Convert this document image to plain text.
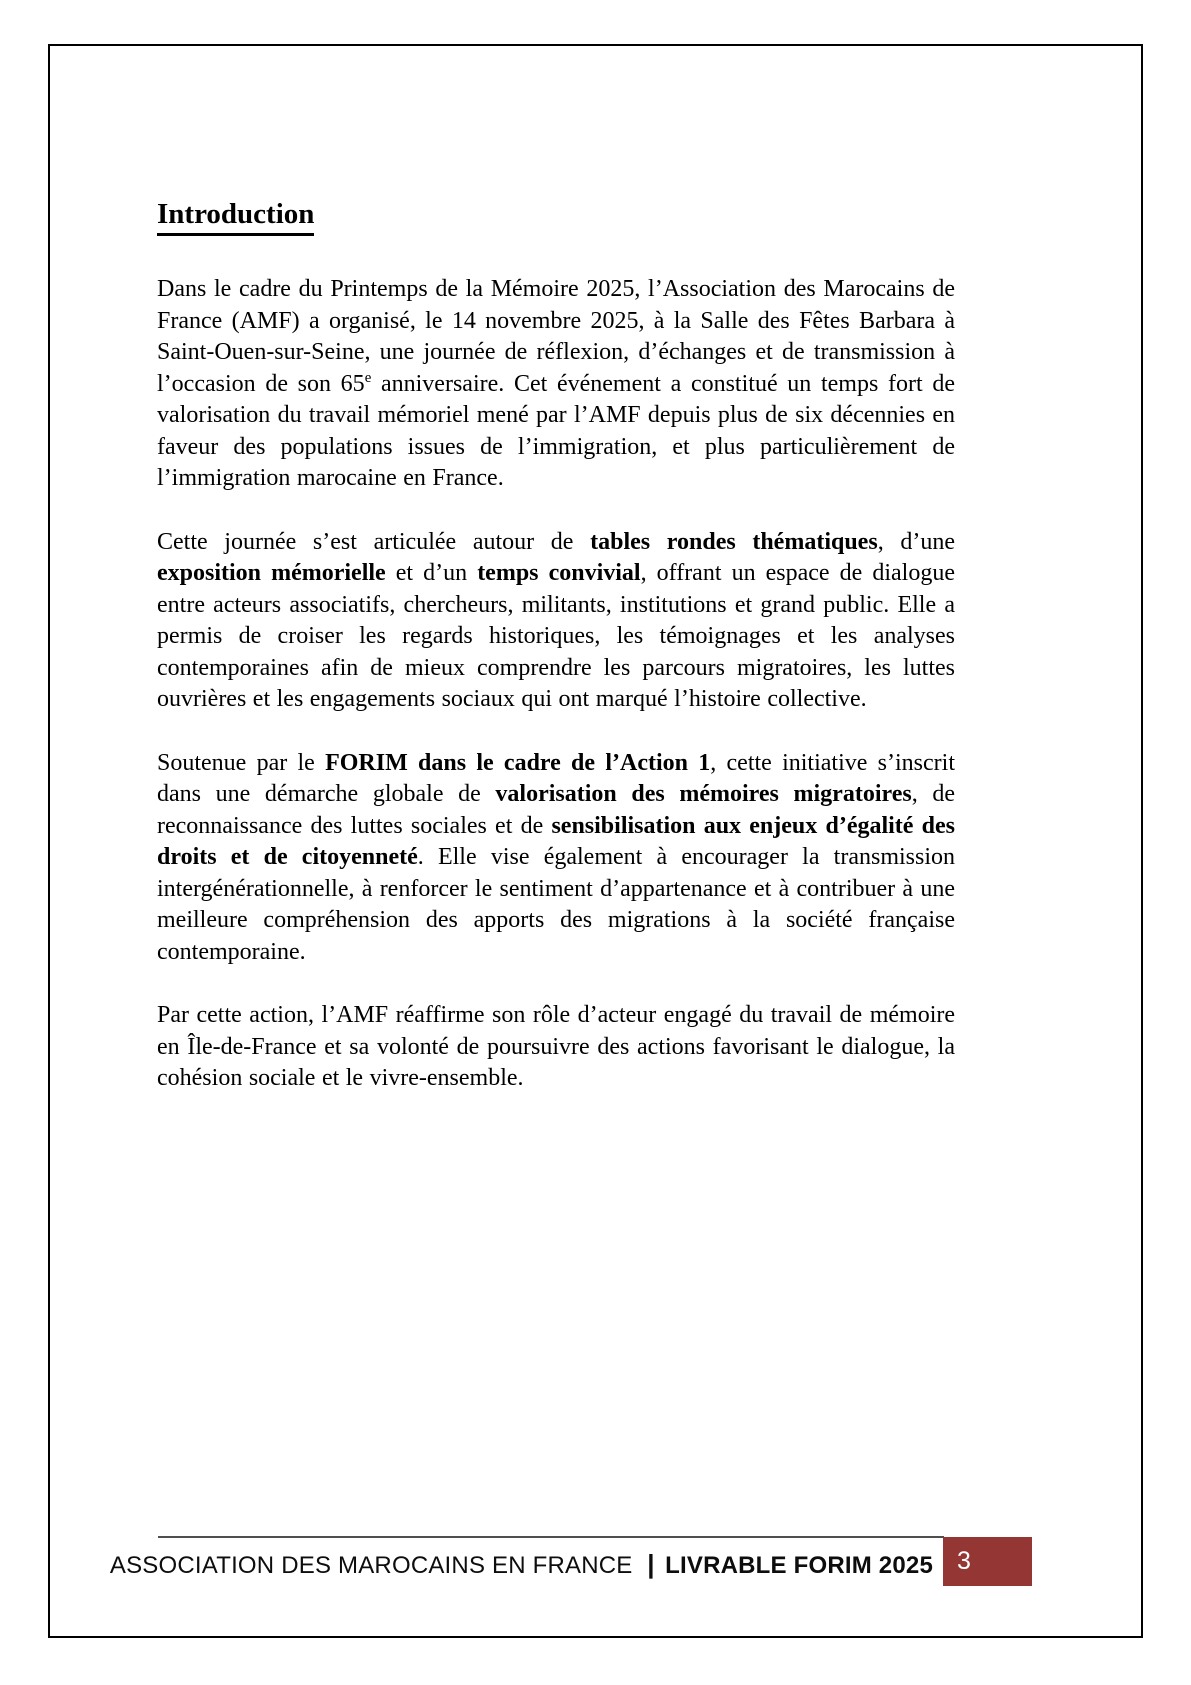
Introduction

Dans le cadre du Printemps de la Mémoire 2025, l’Association des Marocains de France (AMF) a organisé, le 14 novembre 2025, à la Salle des Fêtes Barbara à Saint-Ouen-sur-Seine, une journée de réflexion, d’échanges et de transmission à l’occasion de son 65e anniversaire. Cet événement a constitué un temps fort de valorisation du travail mémoriel mené par l’AMF depuis plus de six décennies en faveur des populations issues de l’immigration, et plus particulièrement de l’immigration marocaine en France.

Cette journée s’est articulée autour de tables rondes thématiques, d’une exposition mémorielle et d’un temps convivial, offrant un espace de dialogue entre acteurs associatifs, chercheurs, militants, institutions et grand public. Elle a permis de croiser les regards historiques, les témoignages et les analyses contemporaines afin de mieux comprendre les parcours migratoires, les luttes ouvrières et les engagements sociaux qui ont marqué l’histoire collective.

Soutenue par le FORIM dans le cadre de l’Action 1, cette initiative s’inscrit dans une démarche globale de valorisation des mémoires migratoires, de reconnaissance des luttes sociales et de sensibilisation aux enjeux d’égalité des droits et de citoyenneté. Elle vise également à encourager la transmission intergénérationnelle, à renforcer le sentiment d’appartenance et à contribuer à une meilleure compréhension des apports des migrations à la société française contemporaine.

Par cette action, l’AMF réaffirme son rôle d’acteur engagé du travail de mémoire en Île-de-France et sa volonté de poursuivre des actions favorisant le dialogue, la cohésion sociale et le vivre-ensemble.

ASSOCIATION DES MAROCAINS EN FRANCE | LIVRABLE FORIM 2025 3
